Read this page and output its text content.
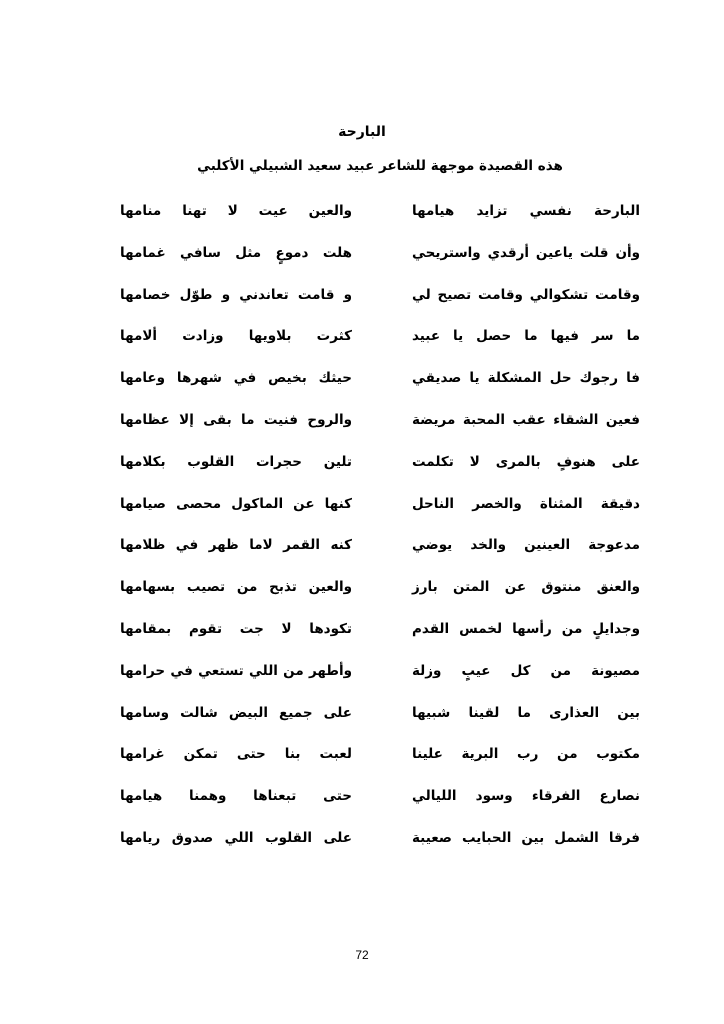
البارحة
هذه القصيدة موجهة للشاعر عبيد سعيد الشبيلي الأكلبي
البارحة نفسي تزايد هيامها
والعين عيت لا تهنا منامها
وأن قلت ياعين أرقدي واستريحي
هلت دموعٍ مثل سافي غمامها
وقامت تشكوالي وقامت تصيح لي
و قامت تعاندني و طوّل خصامها
ما سر فيها ما حصل يا عبيد
كثرت بلاويها وزادت ألامها
فا رجوك حل المشكلة يا صديقي
حيثك بخيص في شهرها وعامها
فعين الشقاء عقب المحبة مريضة
والروح فنيت ما بقى إلا عظامها
على هنوفٍ بالمرى لا تكلمت
تلين حجرات القلوب بكلامها
دقيقة المثناة والخصر الناحل
كنها عن الماكول محصى صيامها
مدعوجة العينين والخد يوضي
كنه القمر لاما ظهر في ظلامها
والعنق منتوق عن المتن بارز
والعين تذبح من تصيب بسهامها
وجدايلٍ من رأسها لخمس القدم
تكودها لا جت تقوم بمقامها
مصيونة من كل عيبٍ وزلة
وأطهر من اللي تستعي في حرامها
بين العذارى ما لقينا شبيها
على جميع البيض شالت وسامها
مكتوب من رب البرية علينا
لعبت بنا حتى تمكن غرامها
نصارع الفرقاء وسود الليالي
حتى تبعناها وهمنا هيامها
فرقا الشمل بين الحبايب صعيبة
على القلوب اللي صدوق ريامها
72
